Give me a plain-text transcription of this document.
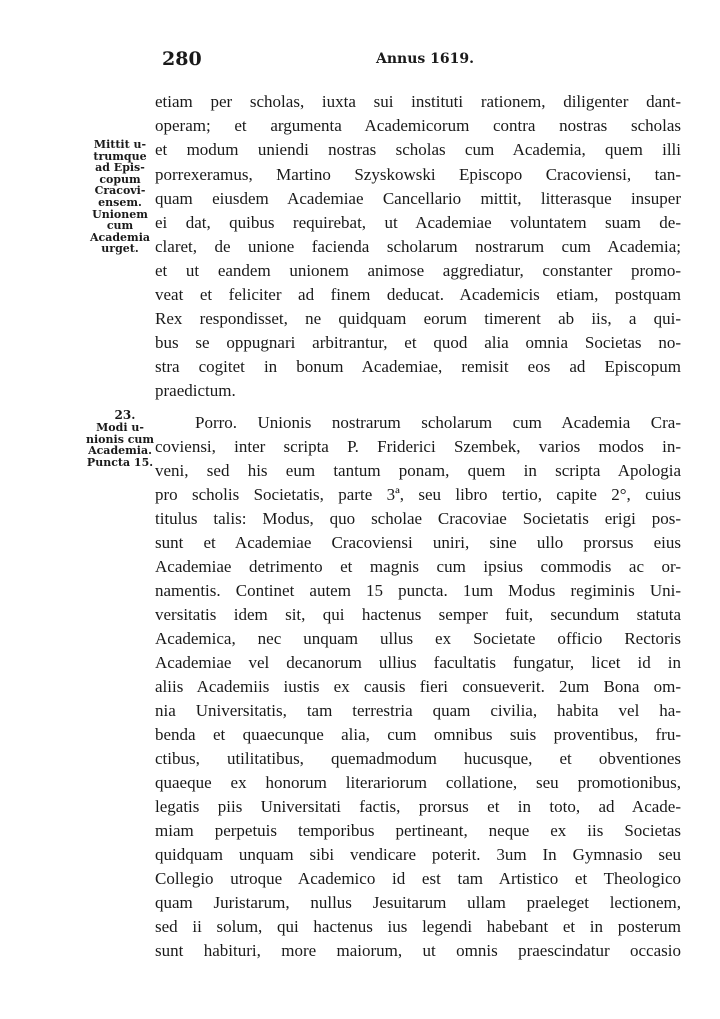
280	Annus 1619.
Mittit u-
trumque
ad Epis-
copum
Cracovi-
ensem.
Unionem
cum
Academia
urget.
etiam per scholas, iuxta sui instituti rationem, diligenter dant-
operam; et argumenta Academicorum contra nostras scholas
et modum uniendi nostras scholas cum Academia, quem illi
porrexeramus, Martino Szyskowski Episcopo Cracoviensi, tan-
quam eiusdem Academiae Cancellario mittit, litterasque insuper
ei dat, quibus requirebat, ut Academiae voluntatem suam de-
claret, de unione facienda scholarum nostrarum cum Academia;
et ut eandem unionem animose aggrediatur, constanter promo-
veat et feliciter ad finem deducat. Academicis etiam, postquam
Rex respondisset, ne quidquam eorum timerent ab iis, a qui-
bus se oppugnari arbitrantur, et quod alia omnia Societas no-
stra cogitet in bonum Academiae, remisit eos ad Episcopum
praedictum.
23.
Modi u-
nionis cum
Academia.
Puncta 15.
Porro. Unionis nostrarum scholarum cum Academia Cra-
coviensi, inter scripta P. Friderici Szembek, varios modos in-
veni, sed his eum tantum ponam, quem in scripta Apologia
pro scholis Societatis, parte 3ª, seu libro tertio, capite 2°, cuius
titulus talis: Modus, quo scholae Cracoviae Societatis erigi pos-
sunt et Academiae Cracoviensi uniri, sine ullo prorsus eius
Academiae detrimento et magnis cum ipsius commodis ac or-
namentis. Continet autem 15 puncta. 1um Modus regiminis Uni-
versitatis idem sit, qui hactenus semper fuit, secundum statuta
Academica, nec unquam ullus ex Societate officio Rectoris
Academiae vel decanorum ullius facultatis fungatur, licet id in
aliis Academiis iustis ex causis fieri consueverit. 2um Bona om-
nia Universitatis, tam terrestria quam civilia, habita vel ha-
benda et quaecunque alia, cum omnibus suis proventibus, fru-
ctibus, utilitatibus, quemadmodum hucusque, et obventiones
quaeque ex honorum literariorum collatione, seu promotionibus,
legatis piis Universitati factis, prorsus et in toto, ad Acade-
miam perpetuis temporibus pertineant, neque ex iis Societas
quidquam unquam sibi vendicare poterit. 3um In Gymnasio seu
Collegio utroque Academico id est tam Artistico et Theologico
quam Juristarum, nullus Jesuitarum ullam praeleget lectionem,
sed ii solum, qui hactenus ius legendi habebant et in posterum
sunt habituri, more maiorum, ut omnis praescindatur occasio
